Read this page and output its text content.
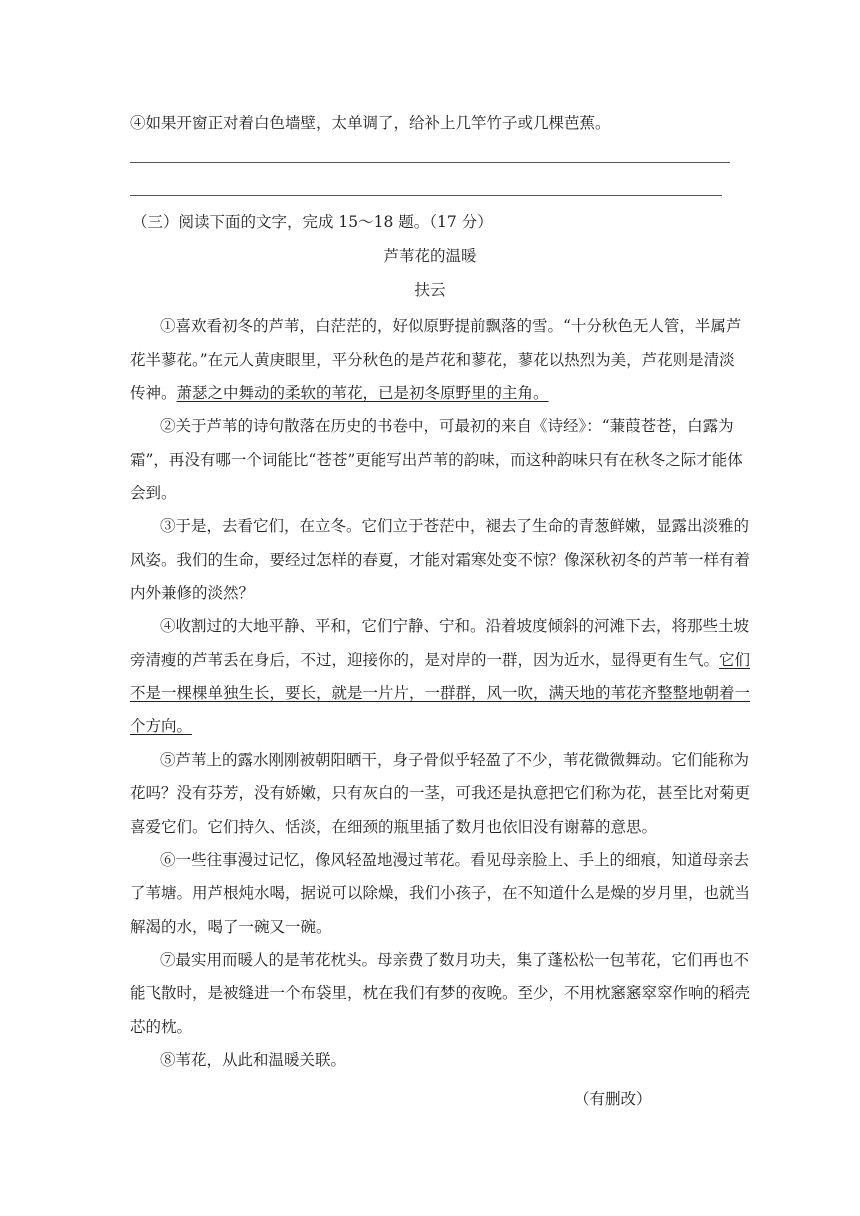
④如果开窗正对着白色墙壁，太单调了，给补上几竿竹子或几棵芭蕉。
（三）阅读下面的文字，完成 15～18 题。（17 分）
芦苇花的温暖
扶云
①喜欢看初冬的芦苇，白茫茫的，好似原野提前飘落的雪。“十分秋色无人管，半属芦
花半蓼花。”在元人黄庚眼里，平分秋色的是芦花和蓼花，蓼花以热烈为美，芦花则是清淡
传神。萧瑟之中舞动的柔软的苇花，已是初冬原野里的主角。
②关于芦苇的诗句散落在历史的书卷中，可最初的来自《诗经》：“蒹葭苍苍，白露为
霜”，再没有哪一个词能比“苍苍”更能写出芦苇的韵味，而这种韵味只有在秋冬之际才能体
会到。
③于是，去看它们，在立冬。它们立于苍茫中，褪去了生命的青葱鲜嫩，显露出淡雅的
风姿。我们的生命，要经过怎样的春夏，才能对霜寒处变不惊？像深秋初冬的芦苇一样有着
内外兼修的淡然？
④收割过的大地平静、平和，它们宁静、宁和。沿着坡度倾斜的河滩下去，将那些土坡
旁清瘦的芦苇丢在身后，不过，迎接你的，是对岸的一群，因为近水，显得更有生气。它们
不是一棵棵单独生长，要长，就是一片片，一群群，风一吹，满天地的苇花齐整整地朝着一
个方向。
⑤芦苇上的露水刚刚被朝阳晒干，身子骨似乎轻盈了不少，苇花微微舞动。它们能称为
花吗？没有芬芳，没有娇嫩，只有灰白的一茎，可我还是执意把它们称为花，甚至比对菊更
喜爱它们。它们持久、恬淡，在细颈的瓶里插了数月也依旧没有谢幕的意思。
⑥一些往事漫过记忆，像风轻盈地漫过苇花。看见母亲脸上、手上的细痕，知道母亲去
了苇塘。用芦根炖水喝，据说可以除燥，我们小孩子，在不知道什么是燥的岁月里，也就当
解渴的水，喝了一碗又一碗。
⑦最实用而暖人的是苇花枕头。母亲费了数月功夫，集了蓬松松一包苇花，它们再也不
能飞散时，是被缝进一个布袋里，枕在我们有梦的夜晚。至少，不用枕窸窸窣窣作响的稻壳
芯的枕。
⑧苇花，从此和温暖关联。
（有删改）
